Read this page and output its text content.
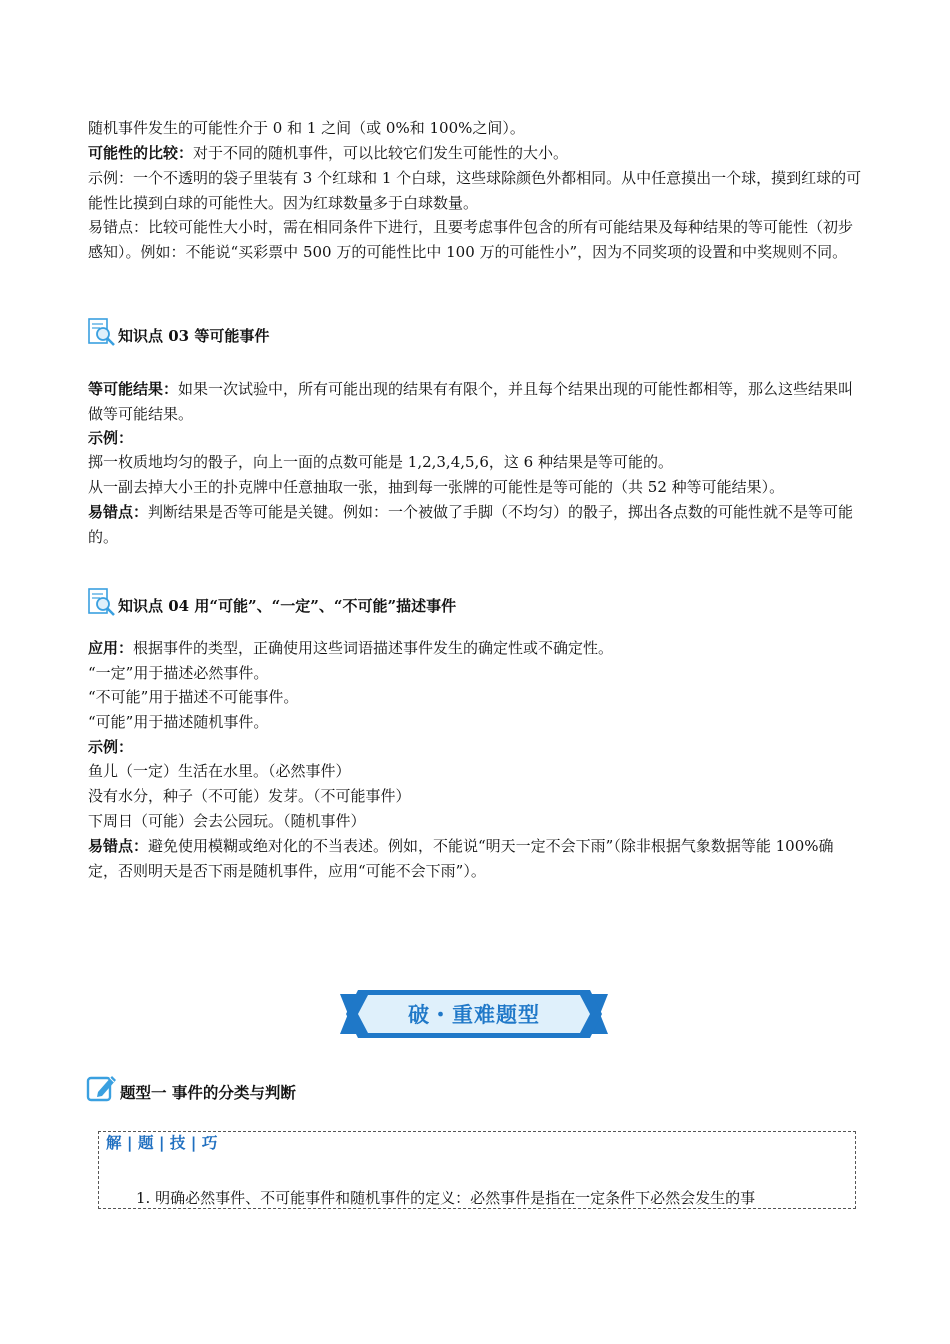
随机事件发生的可能性介于 0 和 1 之间（或 0%和 100%之间）。

可能性的比较：对于不同的随机事件，可以比较它们发生可能性的大小。

示例：一个不透明的袋子里装有 3 个红球和 1 个白球，这些球除颜色外都相同。从中任意摸出一个球，摸到红球的可能性比摸到白球的可能性大。因为红球数量多于白球数量。

易错点：比较可能性大小时，需在相同条件下进行，且要考虑事件包含的所有可能结果及每种结果的等可能性（初步感知）。例如：不能说“买彩票中 500 万的可能性比中 100 万的可能性小”，因为不同奖项的设置和中奖规则不同。

知识点 03 等可能事件

等可能结果：如果一次试验中，所有可能出现的结果有有限个，并且每个结果出现的可能性都相等，那么这些结果叫做等可能结果。

示例：

掷一枚质地均匀的骰子，向上一面的点数可能是 1,2,3,4,5,6，这 6 种结果是等可能的。

从一副去掉大小王的扑克牌中任意抽取一张，抽到每一张牌的可能性是等可能的（共 52 种等可能结果）。

易错点：判断结果是否等可能是关键。例如：一个被做了手脚（不均匀）的骰子，掷出各点数的可能性就不是等可能的。

知识点 04 用“可能”、“一定”、“不可能”描述事件

应用：根据事件的类型，正确使用这些词语描述事件发生的确定性或不确定性。

“一定”用于描述必然事件。

“不可能”用于描述不可能事件。

“可能”用于描述随机事件。

示例：

鱼儿（一定）生活在水里。（必然事件）

没有水分，种子（不可能）发芽。（不可能事件）

下周日（可能）会去公园玩。（随机事件）

易错点：避免使用模糊或绝对化的不当表述。例如，不能说“明天一定不会下雨”（除非根据气象数据等能 100%确定，否则明天是否下雨是随机事件，应用“可能不会下雨”）。

破・重难题型
题型一 事件的分类与判断
解 | 题 | 技 | 巧
1. 明确必然事件、不可能事件和随机事件的定义：必然事件是指在一定条件下必然会发生的事
